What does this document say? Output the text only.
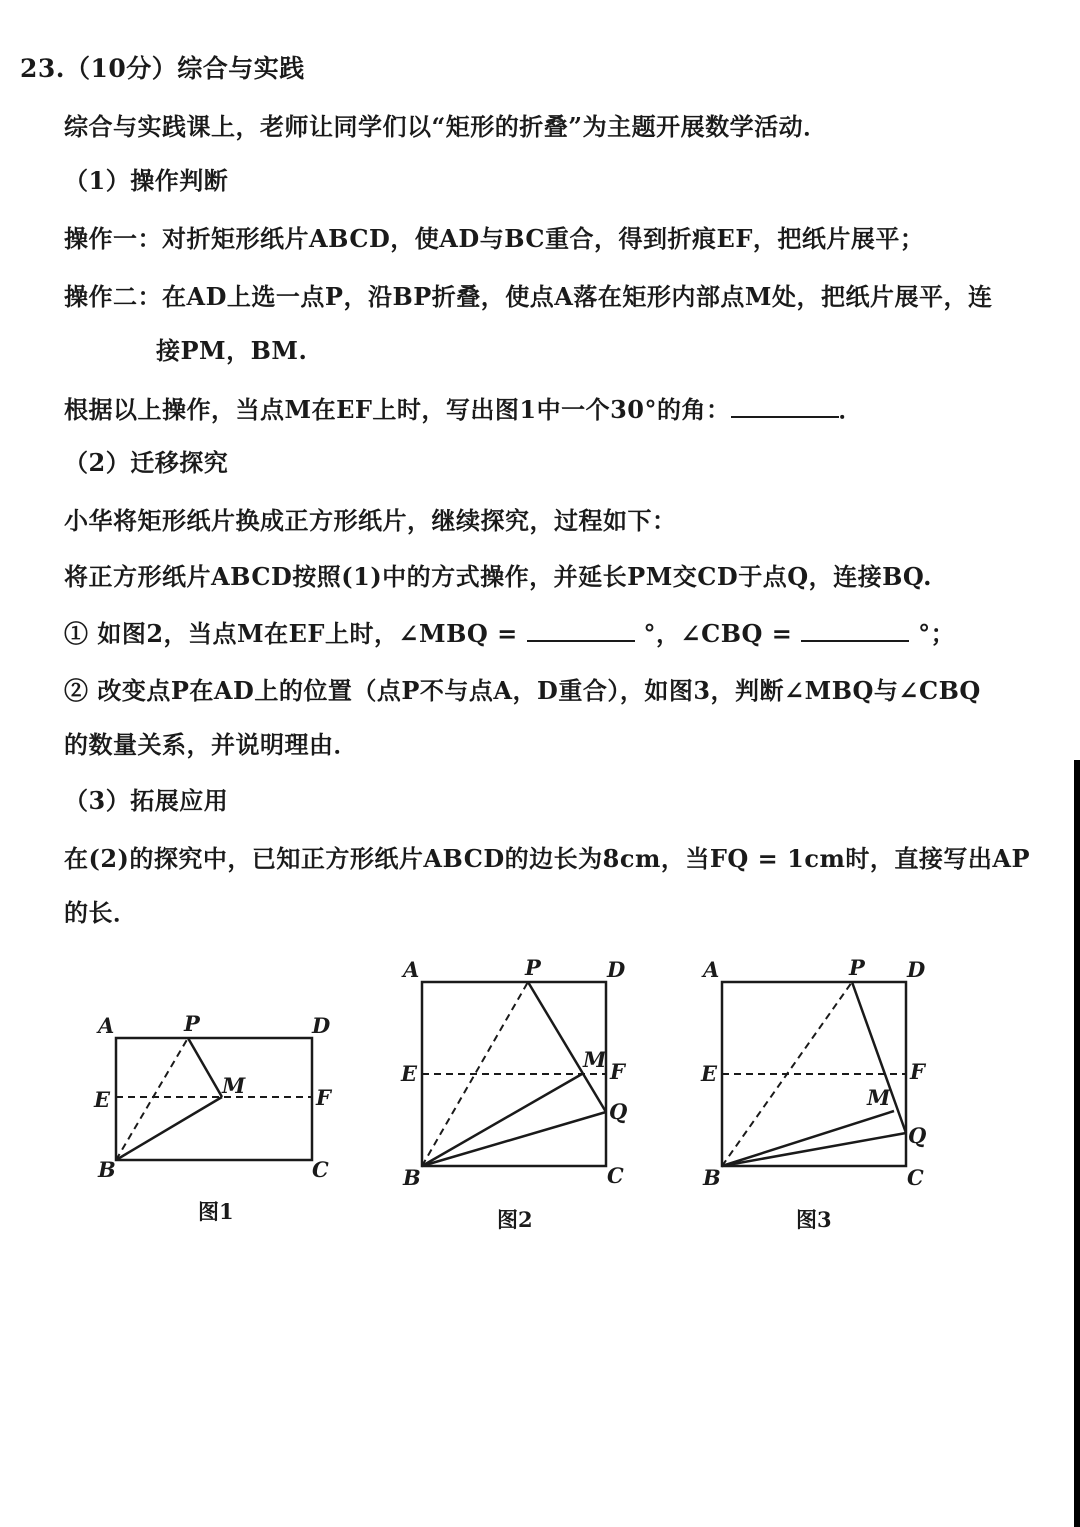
23.（10分）综合与实践
综合与实践课上，老师让同学们以“矩形的折叠”为主题开展数学活动．
（1）操作判断
操作一：对折矩形纸片ABCD，使AD与BC重合，得到折痕EF，把纸片展平；
操作二：在AD上选一点P，沿BP折叠，使点A落在矩形内部点M处，把纸片展平，连
接PM，BM.
根据以上操作，当点M在EF上时，写出图1中一个30°的角：	．
（2）迁移探究
小华将矩形纸片换成正方形纸片，继续探究，过程如下：
将正方形纸片ABCD按照(1)中的方式操作，并延长PM交CD于点Q，连接BQ.
① 如图2，当点M在EF上时，∠MBQ =	°，∠CBQ =	°；
② 改变点P在AD上的位置（点P不与点A，D重合），如图3，判断∠MBQ与∠CBQ
的数量关系，并说明理由．
（3）拓展应用
在(2)的探究中，已知正方形纸片ABCD的边长为8cm，当FQ = 1cm时，直接写出AP
的长．
A	P	D
E
M	F
B	C
图1
A	P	D
E
M F
Q
B	C
图2
A	P D
E
M
F
Q
B	C
图3
